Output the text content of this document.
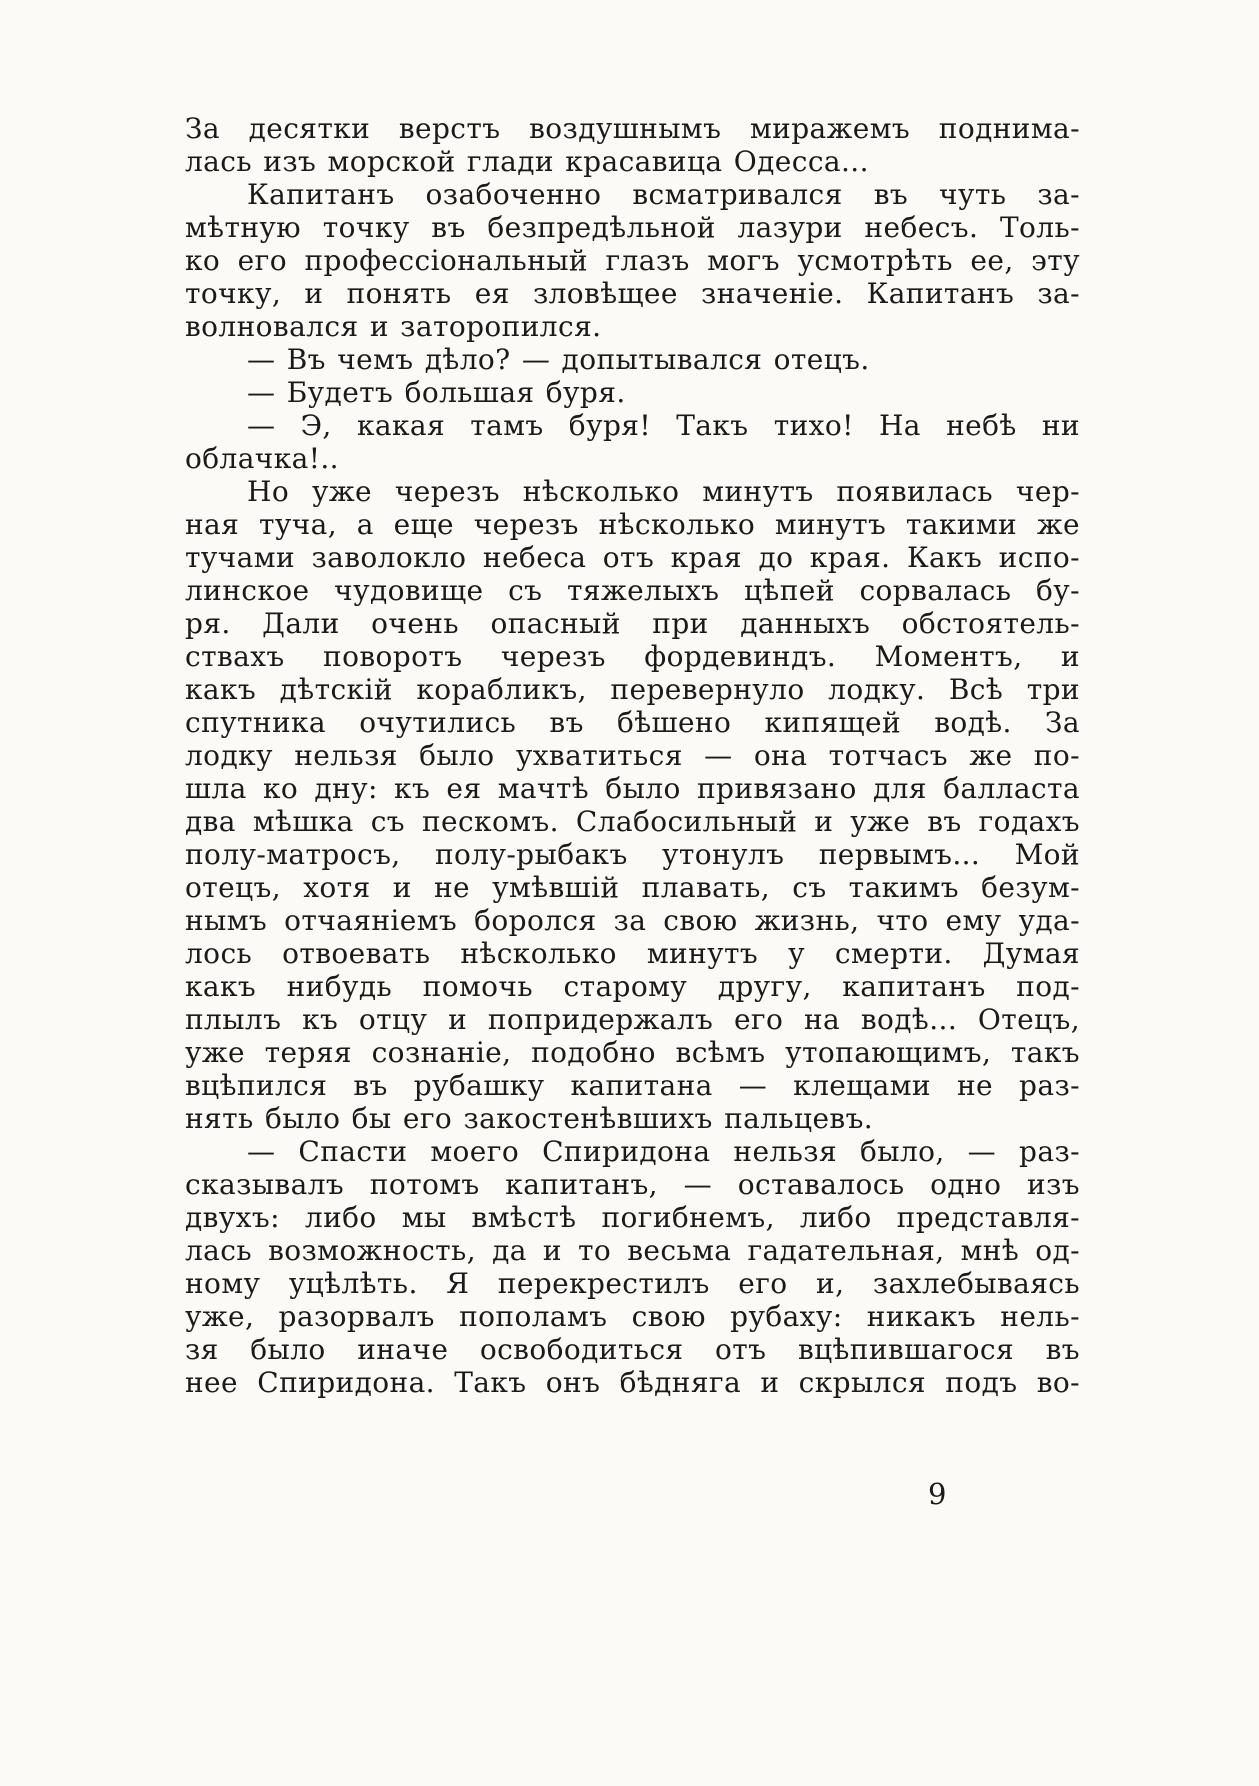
За десятки верстъ воздушнымъ миражемъ поднима-
лась изъ морской глади красавица Одесса...
Капитанъ озабоченно всматривался въ чуть за-
мѣтную точку въ безпредѣльной лазури небесъ. Толь-
ко его профессіональный глазъ могъ усмотрѣть ее, эту
точку, и понять ея зловѣщее значеніе. Капитанъ за-
волновался и заторопился.
— Въ чемъ дѣло? — допытывался отецъ.
— Будетъ большая буря.
— Э, какая тамъ буря! Такъ тихо! На небѣ ни
облачка!..
Но уже черезъ нѣсколько минутъ появилась чер-
ная туча, а еще черезъ нѣсколько минутъ такими же
тучами заволокло небеса отъ края до края. Какъ испо-
линское чудовище съ тяжелыхъ цѣпей сорвалась бу-
ря. Дали очень опасный при данныхъ обстоятель-
ствахъ поворотъ черезъ фордевиндъ. Моментъ, и
какъ дѣтскій корабликъ, перевернуло лодку. Всѣ три
спутника очутились въ бѣшено кипящей водѣ. За
лодку нельзя было ухватиться — она тотчасъ же по-
шла ко дну: къ ея мачтѣ было привязано для балласта
два мѣшка съ пескомъ. Слабосильный и уже въ годахъ
полу-матросъ, полу-рыбакъ утонулъ первымъ... Мой
отецъ, хотя и не умѣвшій плавать, съ такимъ безум-
нымъ отчаяніемъ боролся за свою жизнь, что ему уда-
лось отвоевать нѣсколько минутъ у смерти. Думая
какъ нибудь помочь старому другу, капитанъ под-
плылъ къ отцу и попридержалъ его на водѣ... Отецъ,
уже теряя сознаніе, подобно всѣмъ утопающимъ, такъ
вцѣпился въ рубашку капитана — клещами не раз-
нять было бы его закостенѣвшихъ пальцевъ.
— Спасти моего Спиридона нельзя было, — раз-
сказывалъ потомъ капитанъ, — оставалось одно изъ
двухъ: либо мы вмѣстѣ погибнемъ, либо представля-
лась возможность, да и то весьма гадательная, мнѣ од-
ному уцѣлѣть. Я перекрестилъ его и, захлебываясь
уже, разорвалъ пополамъ свою рубаху: никакъ нель-
зя было иначе освободиться отъ вцѣпившагося въ
нее Спиридона. Такъ онъ бѣдняга и скрылся подъ во-
9
